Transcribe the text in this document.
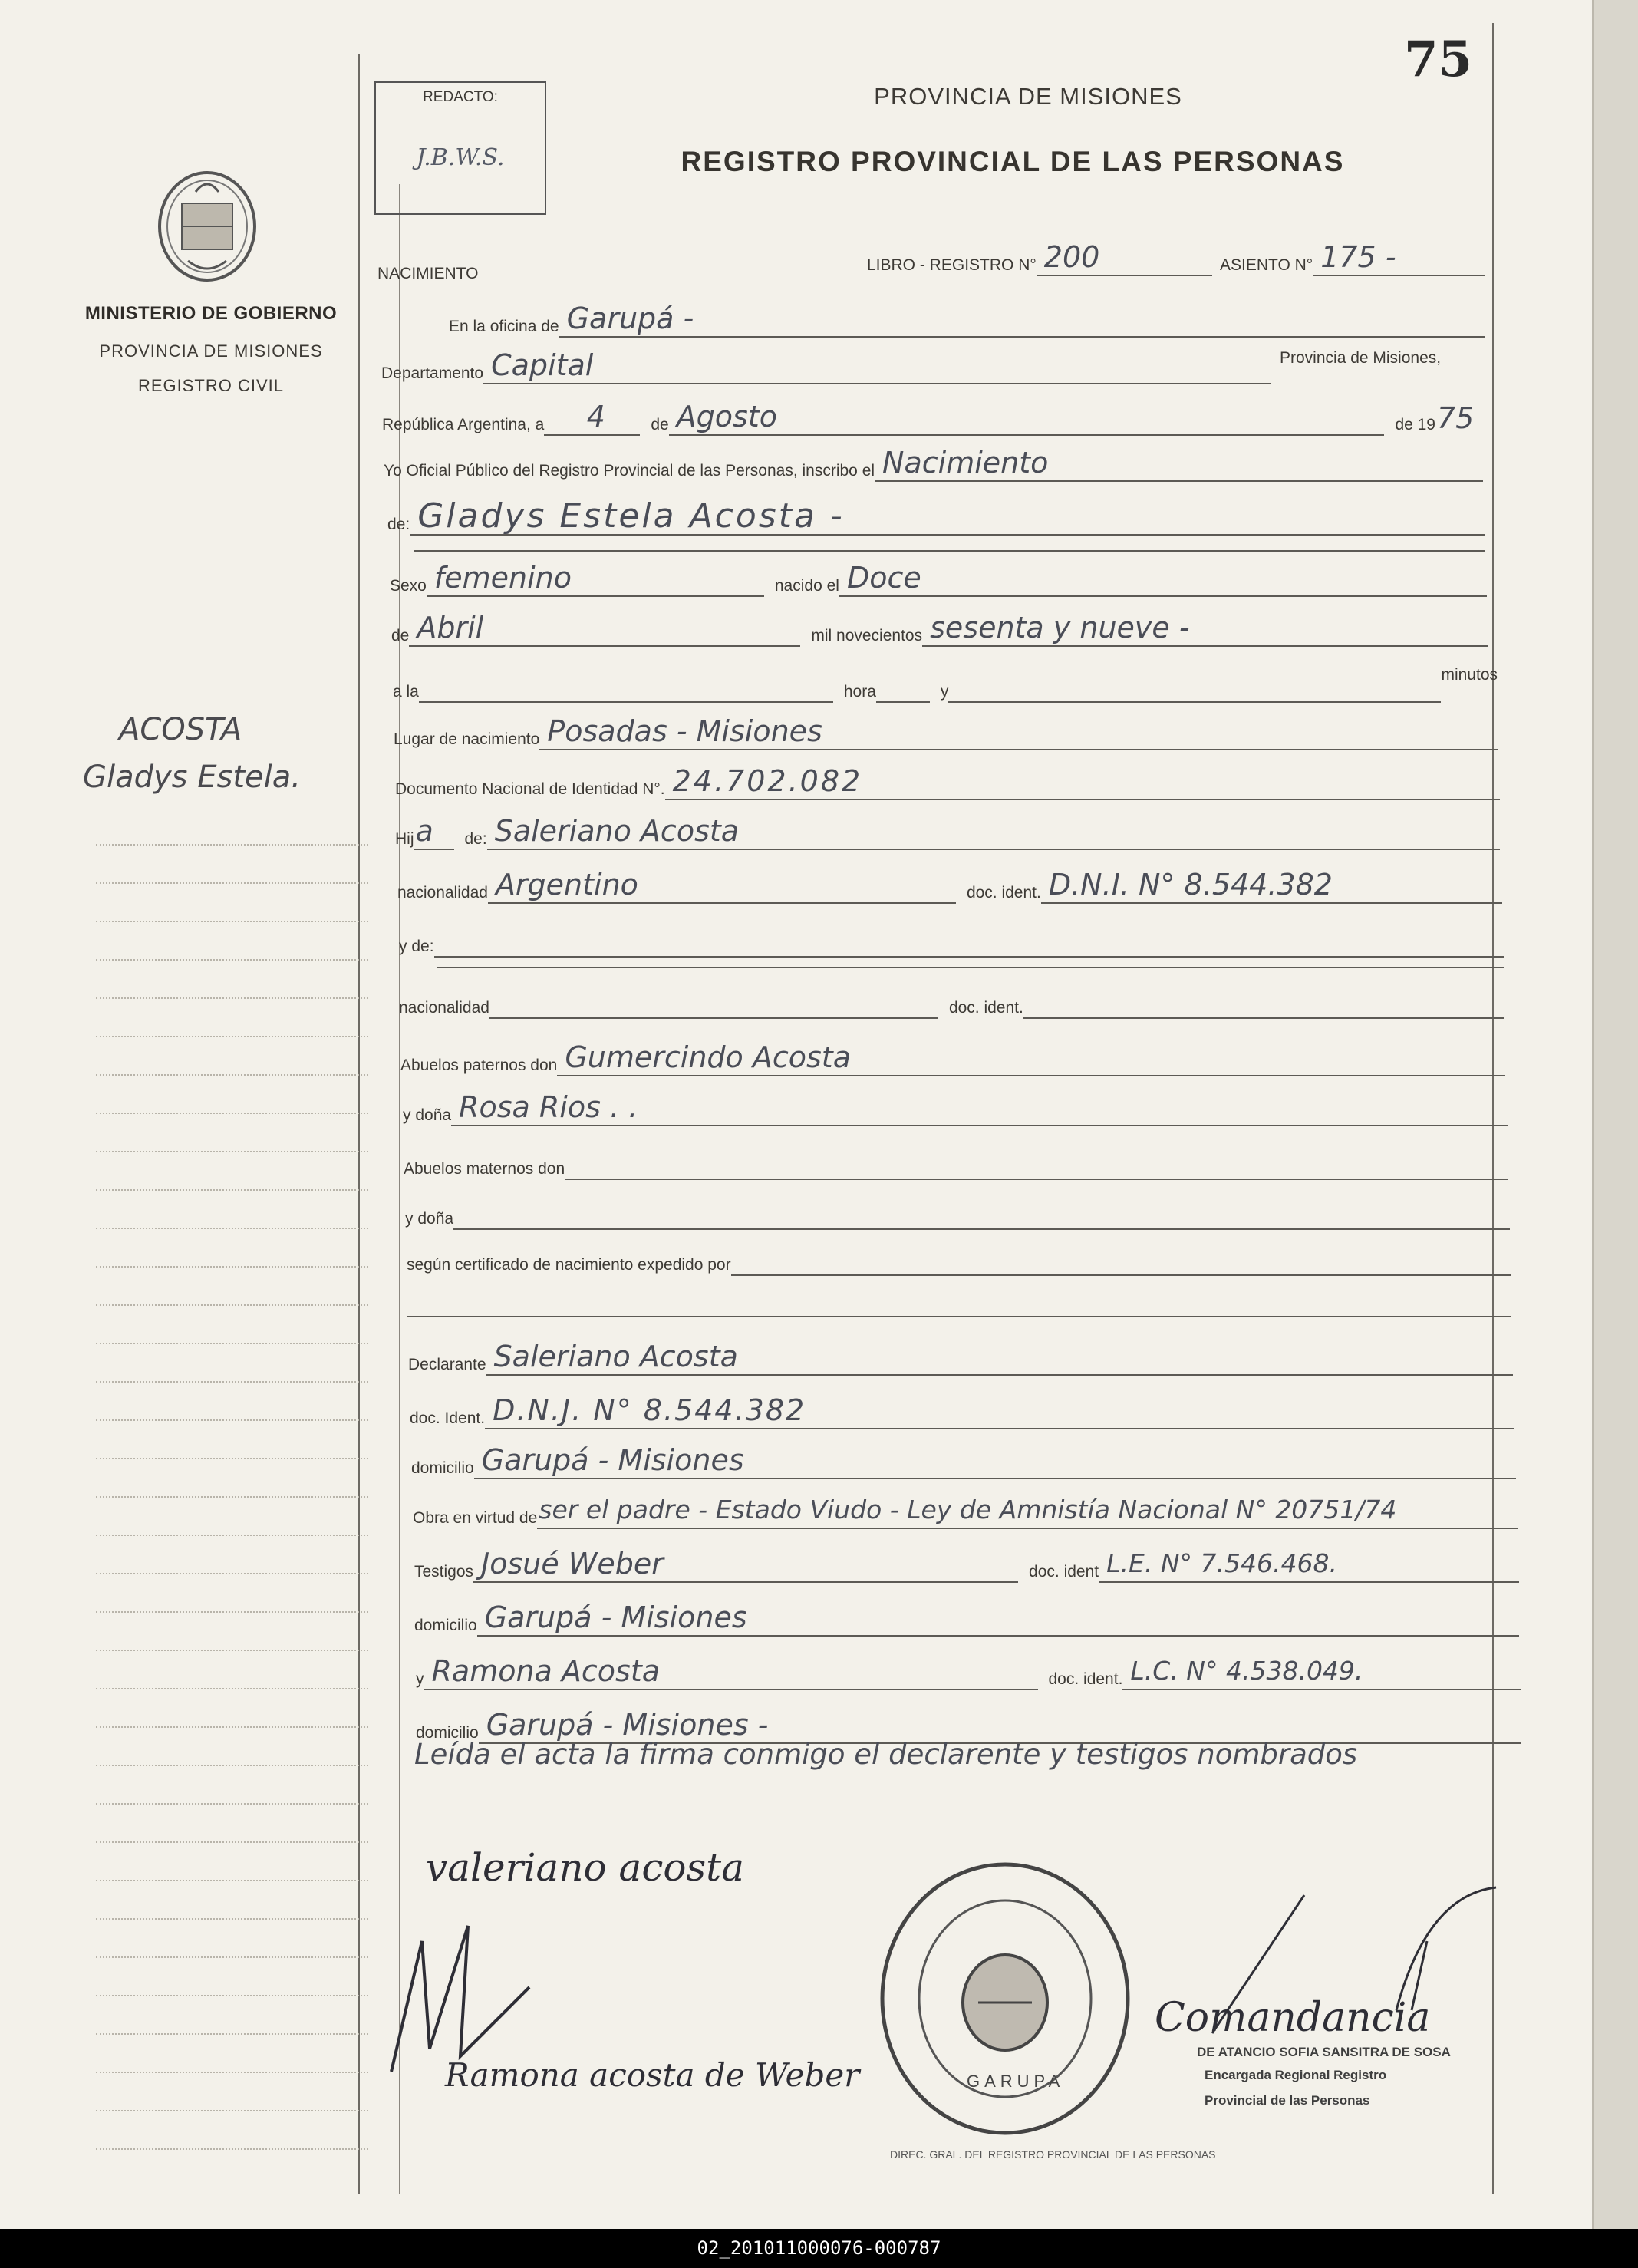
MINISTERIO DE GOBIERNO
PROVINCIA DE MISIONES
REGISTRO CIVIL
ACOSTA
Gladys Estela.
REDACTO:
J.B.W.S.
75
PROVINCIA DE MISIONES
REGISTRO PROVINCIAL DE LAS PERSONAS
NACIMIENTO	LIBRO - REGISTRO N° 200	ASIENTO N° 175 -
En la oficina de Garupá -
Departamento Capital	Provincia de Misiones,
República Argentina, a	4	de Agosto	de 19 75
Yo Oficial Público del Registro Provincial de las Personas, inscribo el Nacimiento
de: Gladys Estela Acosta -
Sexo femenino	nacido el Doce
de Abril	mil novecientos sesenta y nueve -
a la	hora	y
minutos
Lugar de nacimiento Posadas - Misiones
Documento Nacional de Identidad N°. 24.702.082
Hij a	de: Saleriano Acosta
nacionalidad Argentino	doc. ident. D.N.I. N° 8.544.382
y de:
nacionalidad	doc. ident.
Abuelos paternos don Gumercindo Acosta
y doña Rosa Rios . .
Abuelos maternos don
y doña
según certificado de nacimiento expedido por
Declarante Saleriano Acosta
doc. Ident. D.N.J. N° 8.544.382
domicilio Garupá - Misiones
Obra en virtud de ser el padre - Estado Viudo - Ley de Amnistía Nacional N° 20751/74
Testigos Josué Weber	doc. ident L.E. N° 7.546.468.
domicilio Garupá - Misiones
y Ramona Acosta	doc. ident. L.C. N° 4.538.049.
domicilio Garupá - Misiones -
Leída el acta la firma conmigo el declarente y testigos nombrados
valeriano acosta
Ramona acosta de Weber
DIREC. GRAL. DEL REGISTRO PROVINCIAL DE LAS PERSONAS
GARUPA
Comandancia
DE ATANCIO SOFIA SANSITRA DE SOSA
Encargada Regional Registro
Provincial de las Personas
02_201011000076-000787
